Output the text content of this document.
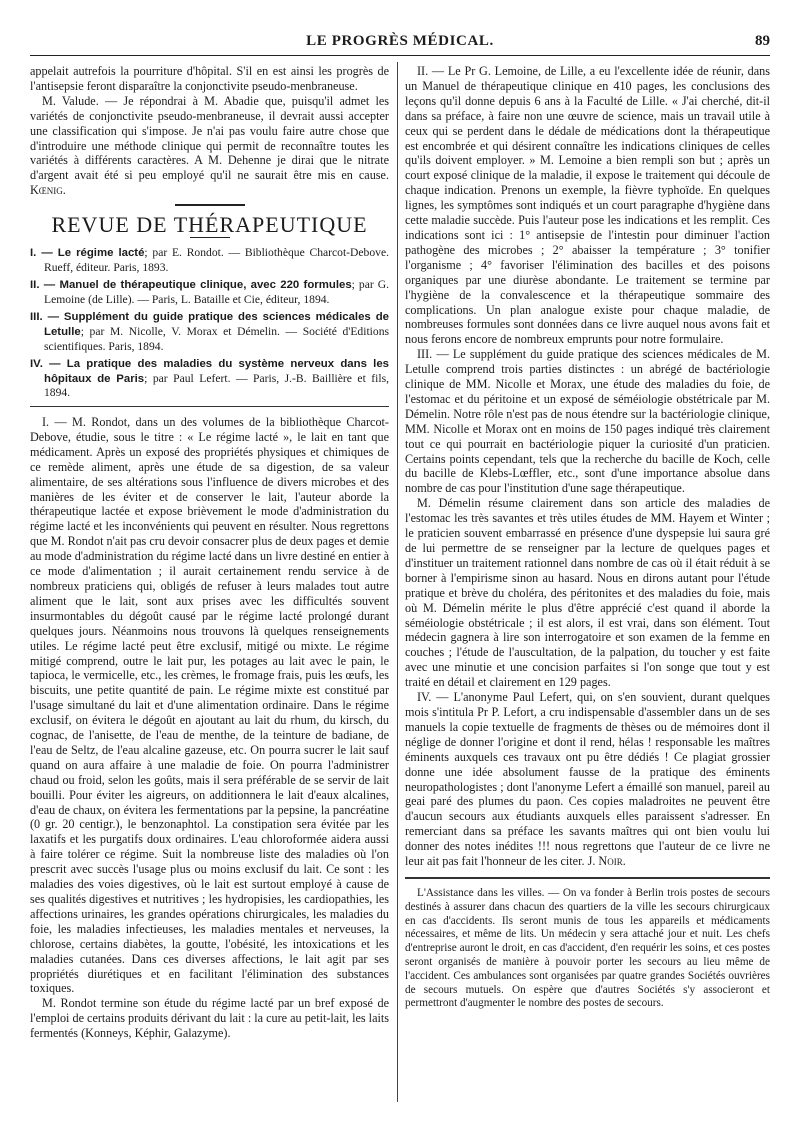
LE PROGRÈS MÉDICAL.	89

appelait autrefois la pourriture d'hôpital. S'il en est ainsi les progrès de l'antisepsie feront disparaître la conjonctivite pseudo-menbraneuse.

M. Valude. — Je répondrai à M. Abadie que, puisqu'il admet les variétés de conjonctivite pseudo-menbraneuse, il devrait aussi accepter une classification qui s'impose. Je n'ai pas voulu faire autre chose que d'introduire une méthode clinique qui permit de reconnaître toutes les variétés à différents caractères. A M. Dehenne je dirai que le nitrate d'argent avait été si peu employé qu'il ne saurait être mis en cause. Kœnig.

REVUE DE THÉRAPEUTIQUE

I. — Le régime lacté; par E. Rondot. — Bibliothèque Charcot-Debove. Rueff, éditeur. Paris, 1893.

II. — Manuel de thérapeutique clinique, avec 220 formules; par G. Lemoine (de Lille). — Paris, L. Bataille et Cie, éditeur, 1894.

III. — Supplément du guide pratique des sciences médicales de Letulle; par M. Nicolle, V. Morax et Démelin. — Société d'Editions scientifiques. Paris, 1894.

IV. — La pratique des maladies du système nerveux dans les hôpitaux de Paris; par Paul Lefert. — Paris, J.-B. Baillière et fils, 1894.

I. — M. Rondot, dans un des volumes de la bibliothèque Charcot-Debove, étudie, sous le titre : « Le régime lacté », le lait en tant que médicament. Après un exposé des propriétés physiques et chimiques de ce remède aliment, après une étude de sa digestion, de sa valeur alimentaire, de ses altérations sous l'influence de divers microbes et des manières de les éviter et de conserver le lait, l'auteur aborde la thérapeutique lactée et expose brièvement le mode d'administration du régime lacté et les inconvénients qui peuvent en résulter. Nous regrettons que M. Rondot n'ait pas cru devoir consacrer plus de deux pages et demie au mode d'administration du régime lacté dans un livre destiné en entier à ce mode d'alimentation ; il aurait certainement rendu service à de nombreux praticiens qui, obligés de refuser à leurs malades tout autre aliment que le lait, sont aux prises avec les difficultés souvent insurmontables du dégoût causé par le régime lacté prolongé durant quelques jours. Néanmoins nous trouvons là quelques renseignements utiles. Le régime lacté peut être exclusif, mitigé ou mixte. Le régime mitigé comprend, outre le lait pur, les potages au lait avec le pain, le tapioca, le vermicelle, etc., les crèmes, le fromage frais, puis les œufs, les biscuits, une petite quantité de pain. Le régime mixte est constitué par l'usage simultané du lait et d'une alimentation ordinaire. Dans le régime exclusif, on évitera le dégoût en ajoutant au lait du rhum, du kirsch, du cognac, de l'anisette, de l'eau de menthe, de la teinture de badiane, de l'eau de Seltz, de l'eau alcaline gazeuse, etc. On pourra sucrer le lait sauf quand on aura affaire à une maladie de foie. On pourra l'administrer chaud ou froid, selon les goûts, mais il sera préférable de se servir de lait bouilli. Pour éviter les aigreurs, on additionnera le lait d'eaux alcalines, d'eau de chaux, on évitera les fermentations par la pepsine, la pancréatine (0 gr. 20 centigr.), le benzonaphtol. La constipation sera évitée par les laxatifs et les purgatifs doux ordinaires. L'eau chloroformée aidera aussi à faire tolérer ce régime. Suit la nombreuse liste des maladies où l'on prescrit avec succès l'usage plus ou moins exclusif du lait. Ce sont : les maladies des voies digestives, où le lait est surtout employé à cause de ses qualités digestives et nutritives ; les hydropisies, les cardiopathies, les affections urinaires, les grandes opérations chirurgicales, les maladies du foie, les maladies infectieuses, les maladies mentales et nerveuses, la chlorose, certains diabètes, la goutte, l'obésité, les intoxications et les maladies cutanées. Dans ces diverses affections, le lait agit par ses propriétés diurétiques et en facilitant l'élimination des substances toxiques.

M. Rondot termine son étude du régime lacté par un bref exposé de l'emploi de certains produits dérivant du lait : la cure au petit-lait, les laits fermentés (Konneys, Képhir, Galazyme).

II. — Le Pr G. Lemoine, de Lille, a eu l'excellente idée de réunir, dans un Manuel de thérapeutique clinique en 410 pages, les conclusions des leçons qu'il donne depuis 6 ans à la Faculté de Lille. « J'ai cherché, dit-il dans sa préface, à faire non une œuvre de science, mais un travail utile à ceux qui se perdent dans le dédale de médications dont la thérapeutique est encombrée et qui désirent connaître les indications cliniques de celles qu'ils doivent employer. » M. Lemoine a bien rempli son but ; après un court exposé clinique de la maladie, il expose le traitement qui découle de chaque indication. Prenons un exemple, la fièvre typhoïde. En quelques lignes, les symptômes sont indiqués et un court paragraphe d'hygiène dans cette maladie succède. Puis l'auteur pose les indications et les remplit. Ces indications sont ici : 1° antisepsie de l'intestin pour diminuer l'action pathogène des microbes ; 2° abaisser la température ; 3° tonifier l'organisme ; 4° favoriser l'élimination des bacilles et des poisons organiques par une diurèse abondante. Le traitement se termine par l'hygiène de la convalescence et la thérapeutique sommaire des complications. Un plan analogue existe pour chaque maladie, de nombreuses formules sont données dans ce livre auquel nous avons fait et nous ferons encore de nombreux emprunts pour notre formulaire.

III. — Le supplément du guide pratique des sciences médicales de M. Letulle comprend trois parties distinctes : un abrégé de bactériologie clinique de MM. Nicolle et Morax, une étude des maladies du foie, de l'estomac et du péritoine et un exposé de séméiologie obstétricale par M. Démelin. Notre rôle n'est pas de nous étendre sur la bactériologie clinique, MM. Nicolle et Morax ont en moins de 150 pages indiqué très clairement tout ce qui pourrait en bactériologie piquer la curiosité d'un praticien. Certains points cependant, tels que la recherche du bacille de Koch, celle du bacille de Klebs-Lœffler, etc., sont d'une importance absolue dans nombre de cas pour l'institution d'une sage thérapeutique.

M. Démelin résume clairement dans son article des maladies de l'estomac les très savantes et très utiles études de MM. Hayem et Winter ; le praticien souvent embarrassé en présence d'une dyspepsie lui saura gré de lui permettre de se renseigner par la lecture de quelques pages et d'instituer un traitement rationnel dans nombre de cas où il était réduit à se borner à l'empirisme sinon au hasard. Nous en dirons autant pour l'étude pratique et brève du choléra, des péritonites et des maladies du foie, mais où M. Démelin mérite le plus d'être apprécié c'est quand il aborde la séméiologie obstétricale ; il est alors, il est vrai, dans son élément. Tout médecin gagnera à lire son interrogatoire et son examen de la femme en couches ; l'étude de l'auscultation, de la palpation, du toucher y est faite avec une minutie et une concision parfaites si l'on songe que tout y est traité en détail et clairement en 129 pages.

IV. — L'anonyme Paul Lefert, qui, on s'en souvient, durant quelques mois s'intitula Pr P. Lefort, a cru indispensable d'assembler dans un de ses manuels la copie textuelle de fragments de thèses ou de mémoires dont il néglige de donner l'origine et dont il rend, hélas ! responsable les maîtres éminents auxquels ces travaux ont pu être dédiés ! Ce plagiat grossier donne une idée absolument fausse de la pratique des éminents neuropathologistes ; dont l'anonyme Lefert a émaillé son manuel, pareil au geai paré des plumes du paon. Ces copies maladroites ne peuvent être d'aucun secours aux étudiants auxquels elles paraissent s'adresser. En remerciant dans sa préface les savants maîtres qui ont bien voulu lui donner des notes inédites !!! nous regrettons que l'auteur de ce livre ne leur ait pas fait l'honneur de les citer. J. Noir.

L'Assistance dans les villes. — On va fonder à Berlin trois postes de secours destinés à assurer dans chacun des quartiers de la ville les secours chirurgicaux en cas d'accidents. Ils seront munis de tous les appareils et médicaments nécessaires, et même de lits. Un médecin y sera attaché jour et nuit. Les chefs d'entreprise auront le droit, en cas d'accident, d'en requérir les soins, et ces postes seront organisés de manière à pouvoir porter les secours au lieu même de l'accident. Ces ambulances sont organisées par quatre grandes Sociétés ouvrières de secours mutuels. On espère que d'autres Sociétés s'y associeront et permettront d'augmenter le nombre des postes de secours.
